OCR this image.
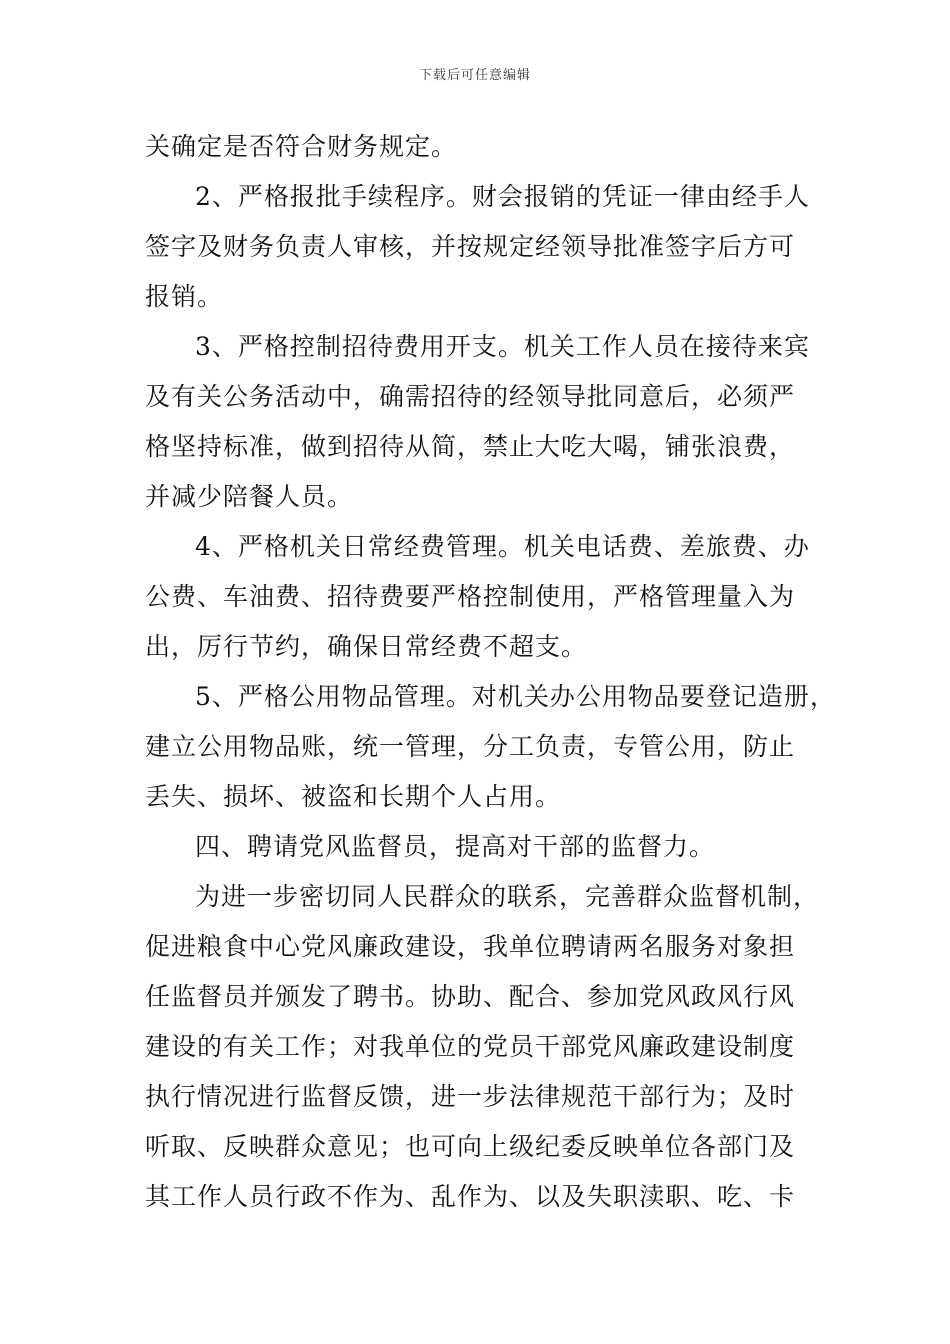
下载后可任意编辑
关确定是否符合财务规定。
2、严格报批手续程序。财会报销的凭证一律由经手人
签字及财务负责人审核，并按规定经领导批准签字后方可
报销。
3、严格控制招待费用开支。机关工作人员在接待来宾
及有关公务活动中，确需招待的经领导批同意后，必须严
格坚持标准，做到招待从简，禁止大吃大喝，铺张浪费，
并减少陪餐人员。
4、严格机关日常经费管理。机关电话费、差旅费、办
公费、车油费、招待费要严格控制使用，严格管理量入为
出，厉行节约，确保日常经费不超支。
5、严格公用物品管理。对机关办公用物品要登记造册，
建立公用物品账，统一管理，分工负责，专管公用，防止
丢失、损坏、被盗和长期个人占用。
四、聘请党风监督员，提高对干部的监督力。
为进一步密切同人民群众的联系，完善群众监督机制，
促进粮食中心党风廉政建设，我单位聘请两名服务对象担
任监督员并颁发了聘书。协助、配合、参加党风政风行风
建设的有关工作；对我单位的党员干部党风廉政建设制度
执行情况进行监督反馈，进一步法律规范干部行为；及时
听取、反映群众意见；也可向上级纪委反映单位各部门及
其工作人员行政不作为、乱作为、以及失职渎职、吃、卡
